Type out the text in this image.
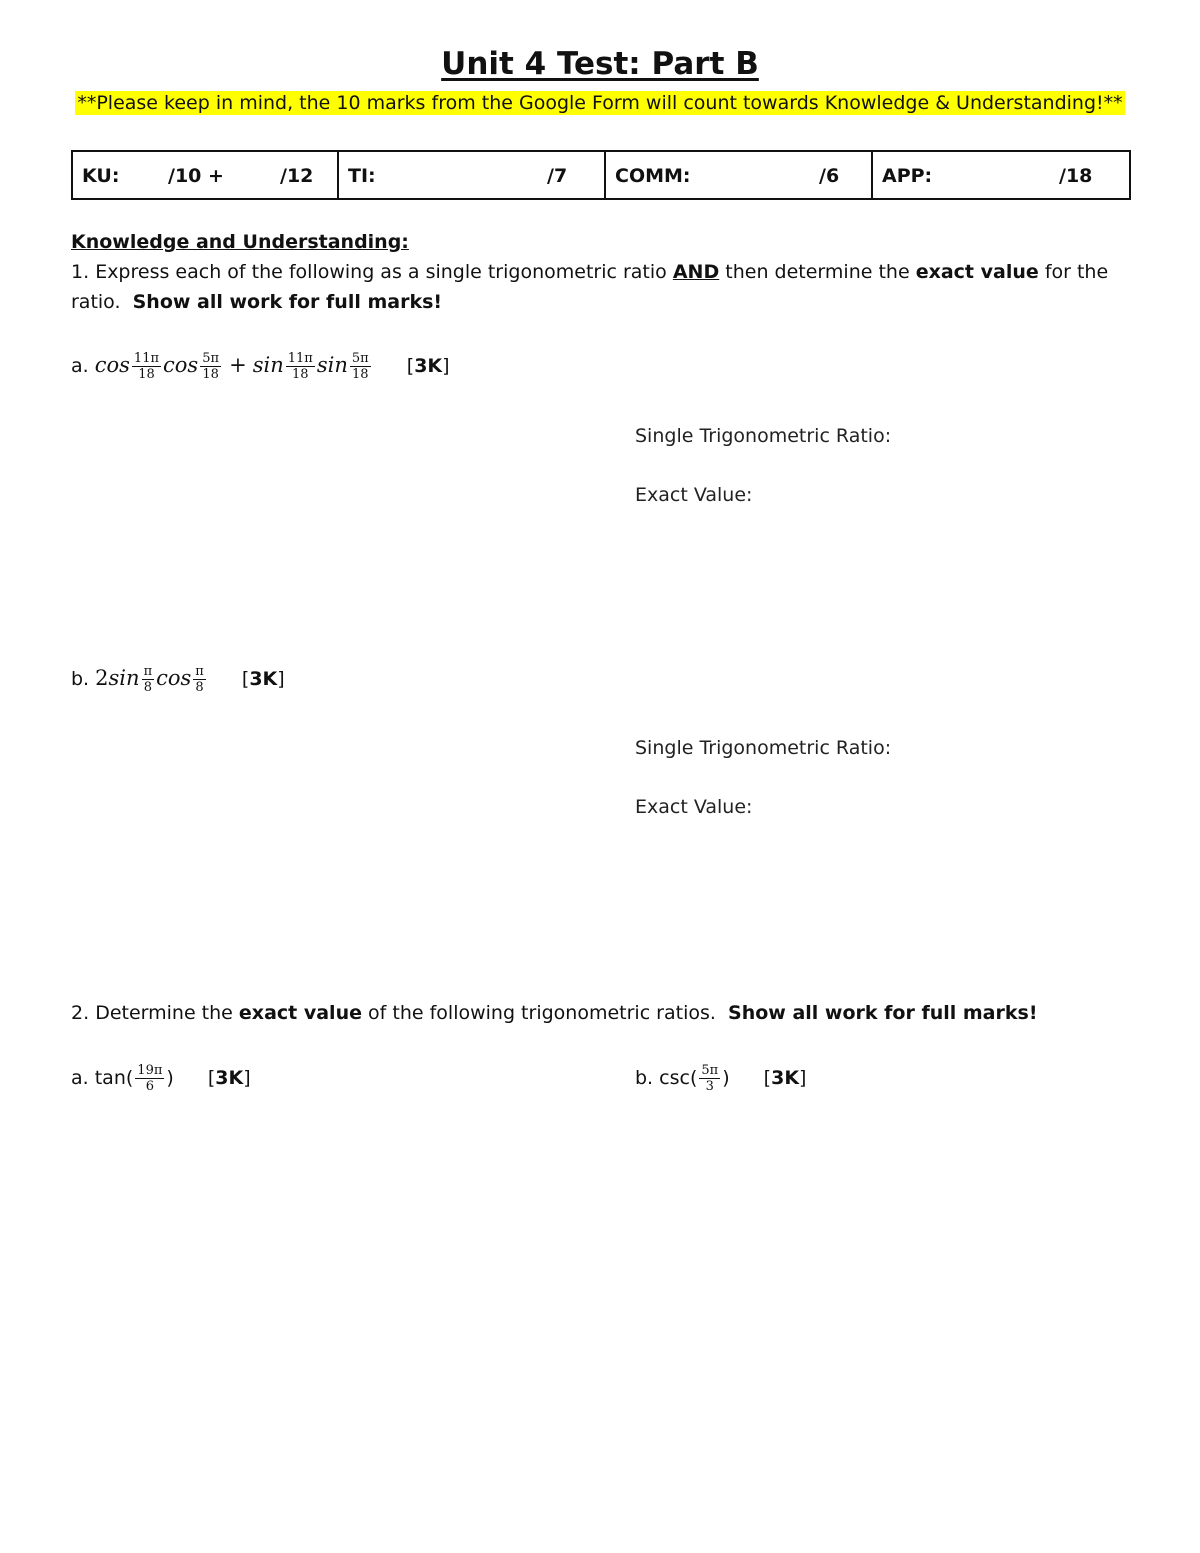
Unit 4 Test: Part B
**Please keep in mind, the 10 marks from the Google Form will count towards Knowledge & Understanding!**
KU:	/10 +	/12 TI:	/7	COMM:	/6 APP:	/18
Knowledge and Understanding:
1. Express each of the following as a single trigonometric ratio AND then determine the exact value for the
ratio. Show all work for full marks!
a. $\cos \frac{11\pi}{18}$ $\cos \frac{5\pi}{18} + \sin \frac{11\pi}{18}$ $\sin \frac{5\pi}{18} [3K]$
Single Trigonometric Ratio:
Exact Value:
b. $2\sin \frac{\pi}{8}$ $\cos \frac{\pi}{8} [3K]$
Single Trigonometric Ratio:
Exact Value:
2. Determine the exact value of the following trigonometric ratios. Show all work for full marks!
a. $\tan( \frac{19\pi}{6}$ ) [3K]	b. $\csc( \frac{5\pi}{3}$ ) [3K]
